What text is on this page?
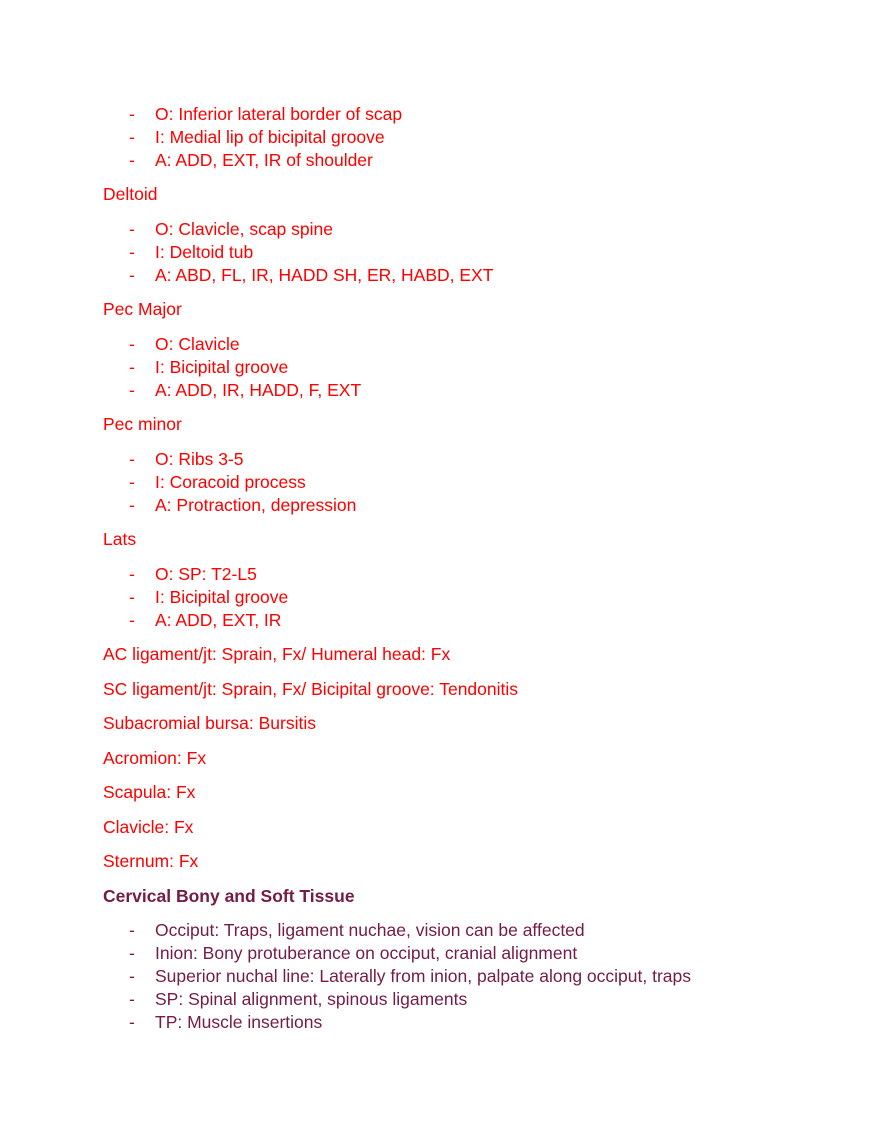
- O: Inferior lateral border of scap
- I: Medial lip of bicipital groove
- A: ADD, EXT, IR of shoulder
Deltoid
- O: Clavicle, scap spine
- I: Deltoid tub
- A: ABD, FL, IR, HADD SH, ER, HABD, EXT
Pec Major
- O: Clavicle
- I: Bicipital groove
- A: ADD, IR, HADD, F, EXT
Pec minor
- O: Ribs 3-5
- I: Coracoid process
- A: Protraction, depression
Lats
- O: SP: T2-L5
- I: Bicipital groove
- A: ADD, EXT, IR
AC ligament/jt: Sprain, Fx/ Humeral head: Fx
SC ligament/jt: Sprain, Fx/ Bicipital groove: Tendonitis
Subacromial bursa: Bursitis
Acromion: Fx
Scapula: Fx
Clavicle: Fx
Sternum: Fx
Cervical Bony and Soft Tissue
- Occiput: Traps, ligament nuchae, vision can be affected
- Inion: Bony protuberance on occiput, cranial alignment
- Superior nuchal line: Laterally from inion, palpate along occiput, traps
- SP: Spinal alignment, spinous ligaments
- TP: Muscle insertions
